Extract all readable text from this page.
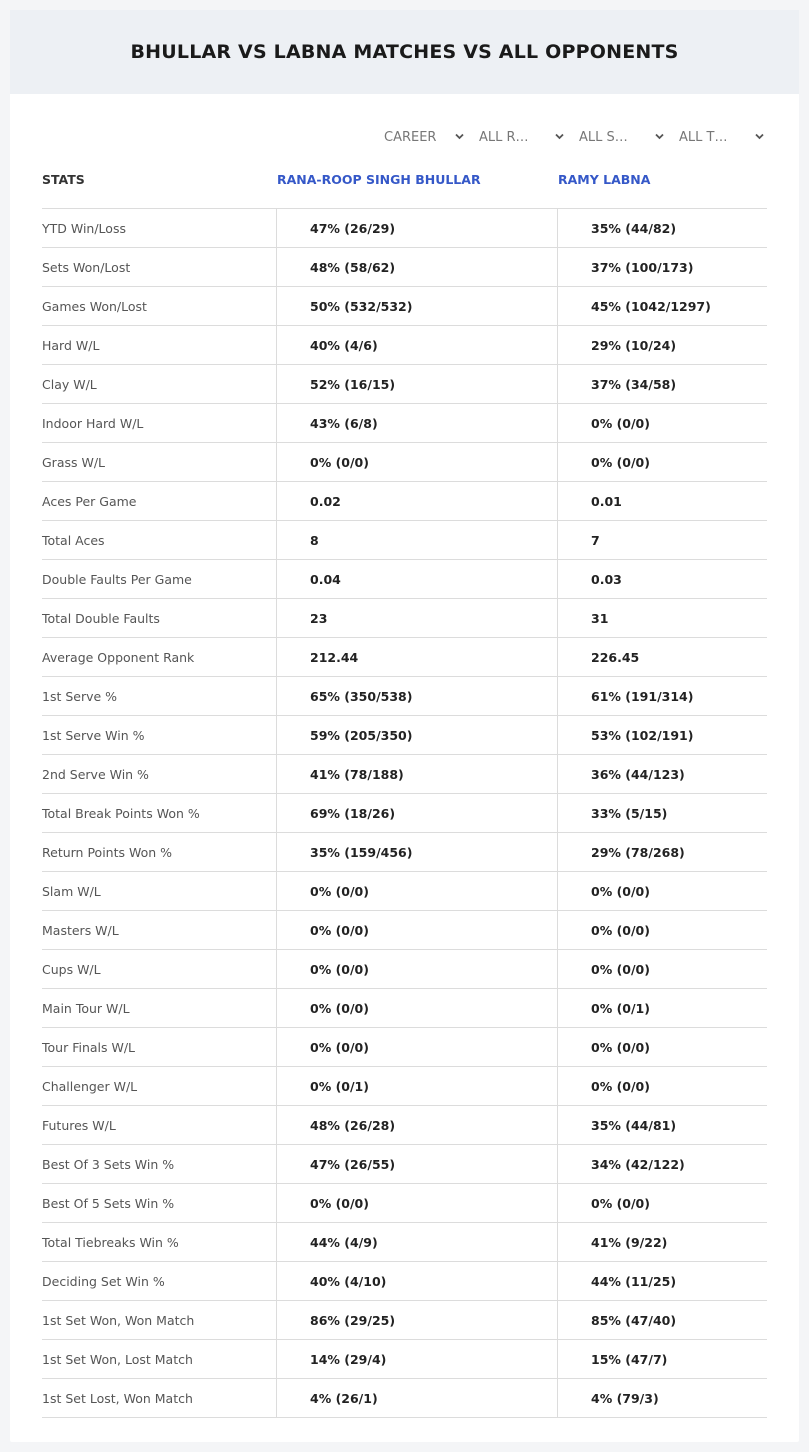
BHULLAR VS LABNA MATCHES VS ALL OPPONENTS
CAREER	ALL R…	ALL S…	ALL T…
STATS	RANA-ROOP SINGH BHULLAR	RAMY LABNA
YTD Win/Loss	47% (26/29)	35% (44/82)
Sets Won/Lost	48% (58/62)	37% (100/173)
Games Won/Lost	50% (532/532)	45% (1042/1297)
Hard W/L	40% (4/6)	29% (10/24)
Clay W/L	52% (16/15)	37% (34/58)
Indoor Hard W/L	43% (6/8)	0% (0/0)
Grass W/L	0% (0/0)	0% (0/0)
Aces Per Game	0.02	0.01
Total Aces	8	7
Double Faults Per Game	0.04	0.03
Total Double Faults	23	31
Average Opponent Rank	212.44	226.45
1st Serve %	65% (350/538)	61% (191/314)
1st Serve Win %	59% (205/350)	53% (102/191)
2nd Serve Win %	41% (78/188)	36% (44/123)
Total Break Points Won %	69% (18/26)	33% (5/15)
Return Points Won %	35% (159/456)	29% (78/268)
Slam W/L	0% (0/0)	0% (0/0)
Masters W/L	0% (0/0)	0% (0/0)
Cups W/L	0% (0/0)	0% (0/0)
Main Tour W/L	0% (0/0)	0% (0/1)
Tour Finals W/L	0% (0/0)	0% (0/0)
Challenger W/L	0% (0/1)	0% (0/0)
Futures W/L	48% (26/28)	35% (44/81)
Best Of 3 Sets Win %	47% (26/55)	34% (42/122)
Best Of 5 Sets Win %	0% (0/0)	0% (0/0)
Total Tiebreaks Win %	44% (4/9)	41% (9/22)
Deciding Set Win %	40% (4/10)	44% (11/25)
1st Set Won, Won Match	86% (29/25)	85% (47/40)
1st Set Won, Lost Match	14% (29/4)	15% (47/7)
1st Set Lost, Won Match	4% (26/1)	4% (79/3)
